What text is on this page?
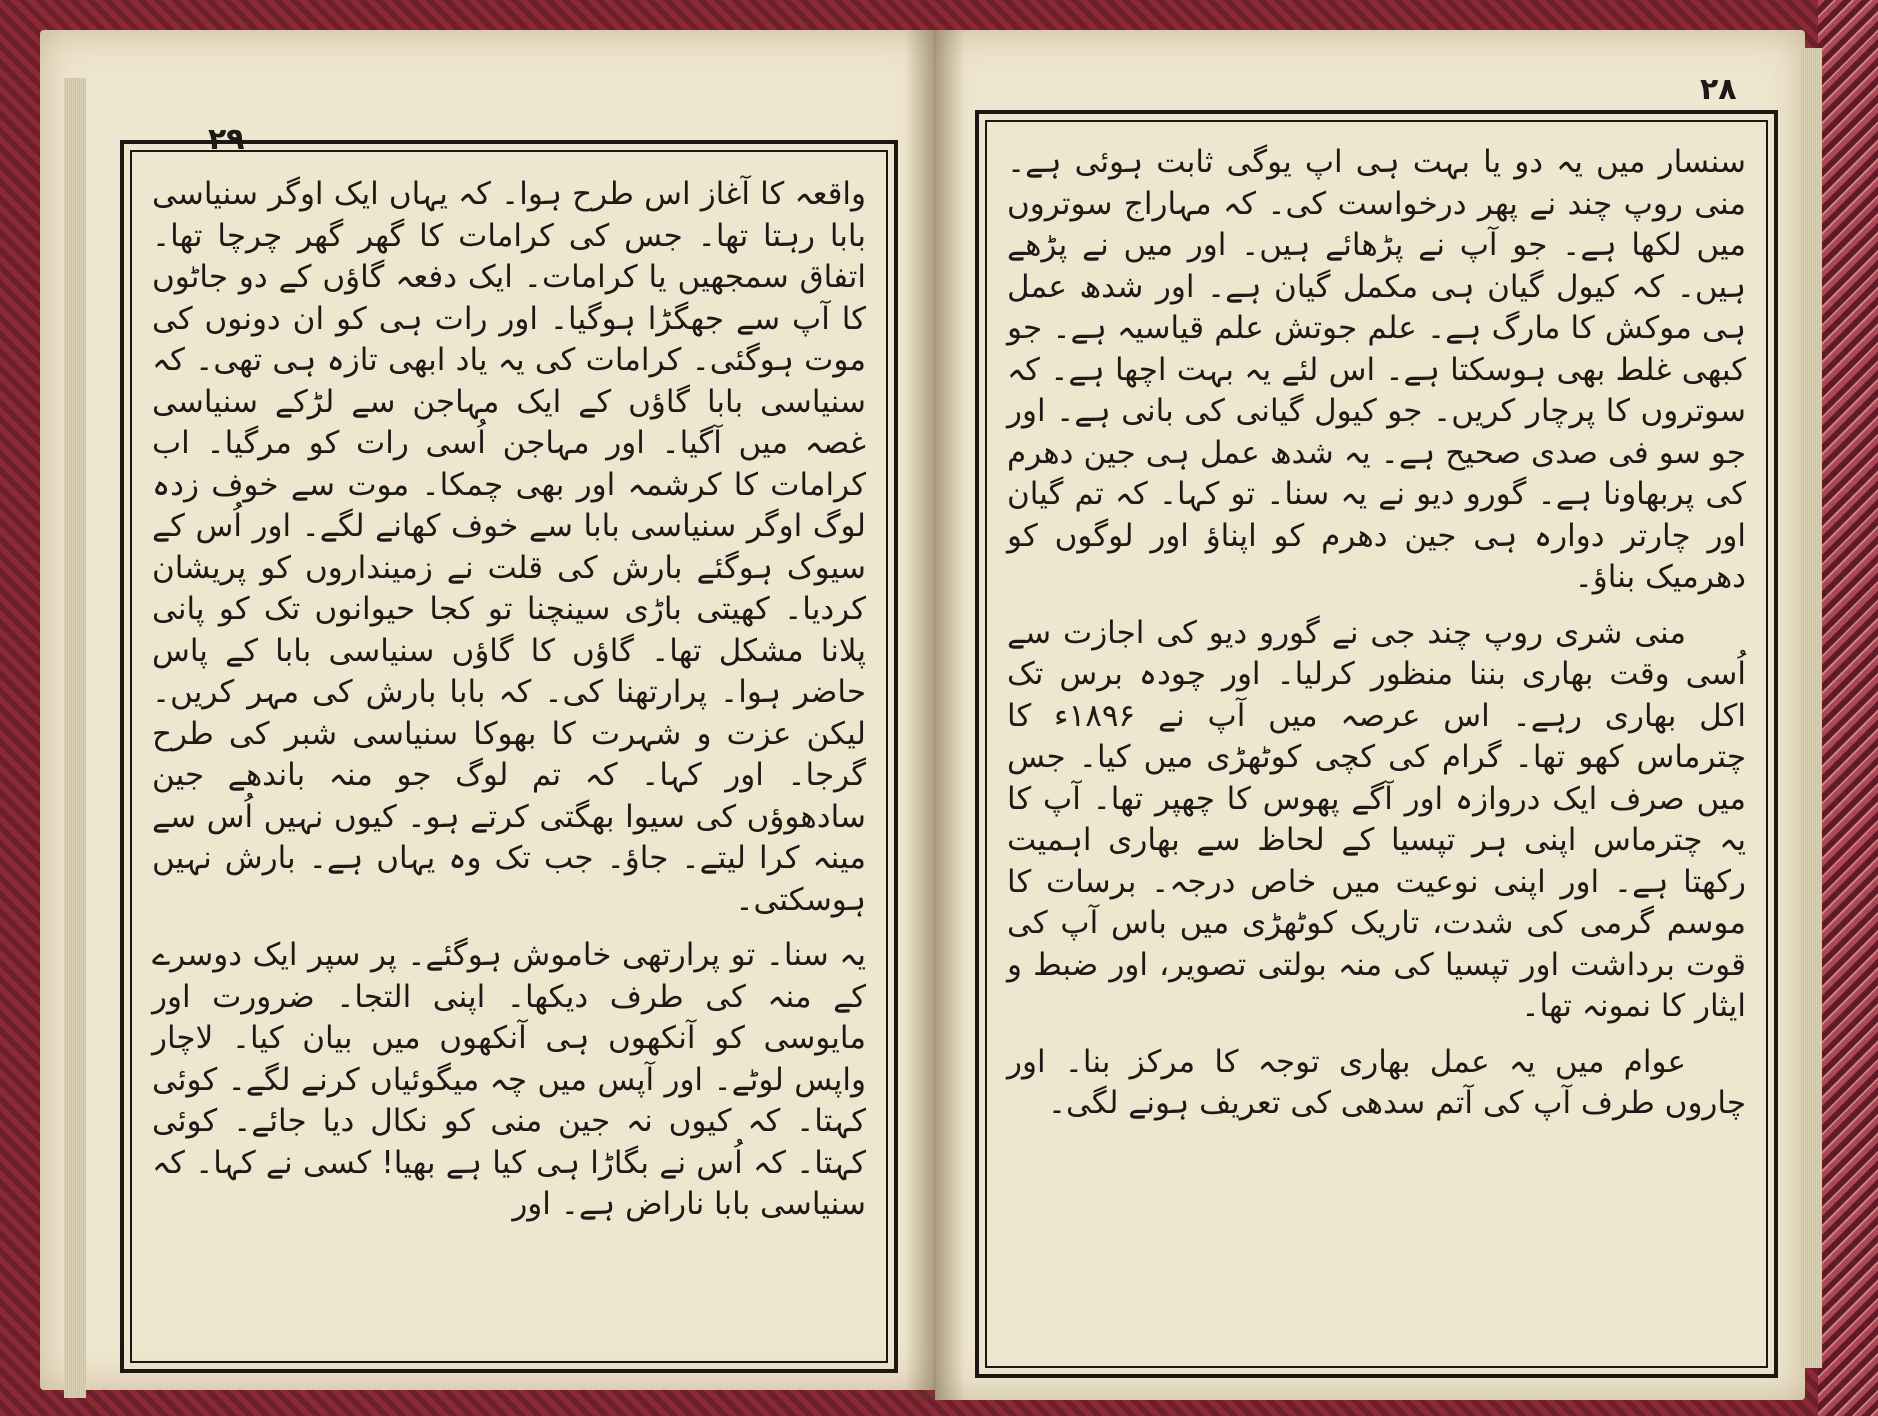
۲۹
۲۸

واقعہ کا آغاز اس طرح ہوا۔ کہ یہاں ایک اوگر سنیاسی بابا رہتا تھا۔ جس کی کرامات کا گھر گھر چرچا تھا۔ اتفاق سمجھیں یا کرامات۔ ایک دفعہ گاؤں کے دو جاٹوں کا آپ سے جھگڑا ہوگیا۔ اور رات ہی کو ان دونوں کی موت ہوگئی۔ کرامات کی یہ یاد ابھی تازہ ہی تھی۔ کہ سنیاسی بابا گاؤں کے ایک مہاجن سے لڑکے سنیاسی غصہ میں آگیا۔ اور مہاجن اُسی رات کو مرگیا۔ اب کرامات کا کرشمہ اور بھی چمکا۔ موت سے خوف زدہ لوگ اوگر سنیاسی بابا سے خوف کھانے لگے۔ اور اُس کے سیوک ہوگئے بارش کی قلت نے زمینداروں کو پریشان کردیا۔ کھیتی باڑی سینچنا تو کجا حیوانوں تک کو پانی پلانا مشکل تھا۔ گاؤں کا گاؤں سنیاسی بابا کے پاس حاضر ہوا۔ پرارتھنا کی۔ کہ بابا بارش کی مہر کریں۔ لیکن عزت و شہرت کا بھوکا سنیاسی شبر کی طرح گرجا۔ اور کہا۔ کہ تم لوگ جو منہ باندھے جین سادھوؤں کی سیوا بھگتی کرتے ہو۔ کیوں نہیں اُس سے مینہ کرا لیتے۔ جاؤ۔ جب تک وہ یہاں ہے۔ بارش نہیں ہوسکتی۔

یہ سنا۔ تو پرارتھی خاموش ہوگئے۔ پر سپر ایک دوسرے کے منہ کی طرف دیکھا۔ اپنی التجا۔ ضرورت اور مایوسی کو آنکھوں ہی آنکھوں میں بیان کیا۔ لاچار واپس لوٹے۔ اور آپس میں چہ میگوئیاں کرنے لگے۔ کوئی کہتا۔ کہ کیوں نہ جین منی کو نکال دیا جائے۔ کوئی کہتا۔ کہ اُس نے بگاڑا ہی کیا ہے بھیا! کسی نے کہا۔ کہ سنیاسی بابا ناراض ہے۔ اور

سنسار میں یہ دو یا بہت ہی اپ یوگی ثابت ہوئی ہے۔ منی روپ چند نے پھر درخواست کی۔ کہ مہاراج سوتروں میں لکھا ہے۔ جو آپ نے پڑھائے ہیں۔ اور میں نے پڑھے ہیں۔ کہ کیول گیان ہی مکمل گیان ہے۔ اور شدھ عمل ہی موکش کا مارگ ہے۔ علم جوتش علم قیاسیہ ہے۔ جو کبھی غلط بھی ہوسکتا ہے۔ اس لئے یہ بہت اچھا ہے۔ کہ سوتروں کا پرچار کریں۔ جو کیول گیانی کی بانی ہے۔ اور جو سو فی صدی صحیح ہے۔ یہ شدھ عمل ہی جین دھرم کی پربھاونا ہے۔ گورو دیو نے یہ سنا۔ تو کہا۔ کہ تم گیان اور چارتر دوارہ ہی جین دھرم کو اپناؤ اور لوگوں کو دھرمیک بناؤ۔

منی شری روپ چند جی نے گورو دیو کی اجازت سے اُسی وقت بھاری بننا منظور کرلیا۔ اور چودہ برس تک اکل بھاری رہے۔ اس عرصہ میں آپ نے ۱۸۹۶ء کا چترماس کھو تھا۔ گرام کی کچی کوٹھڑی میں کیا۔ جس میں صرف ایک دروازہ اور آگے پھوس کا چھپر تھا۔ آپ کا یہ چترماس اپنی ہر تپسیا کے لحاظ سے بھاری اہمیت رکھتا ہے۔ اور اپنی نوعیت میں خاص درجہ۔ برسات کا موسم گرمی کی شدت، تاریک کوٹھڑی میں باس آپ کی قوت برداشت اور تپسیا کی منہ بولتی تصویر، اور ضبط و ایثار کا نمونہ تھا۔

عوام میں یہ عمل بھاری توجہ کا مرکز بنا۔ اور چاروں طرف آپ کی آتم سدھی کی تعریف ہونے لگی۔
